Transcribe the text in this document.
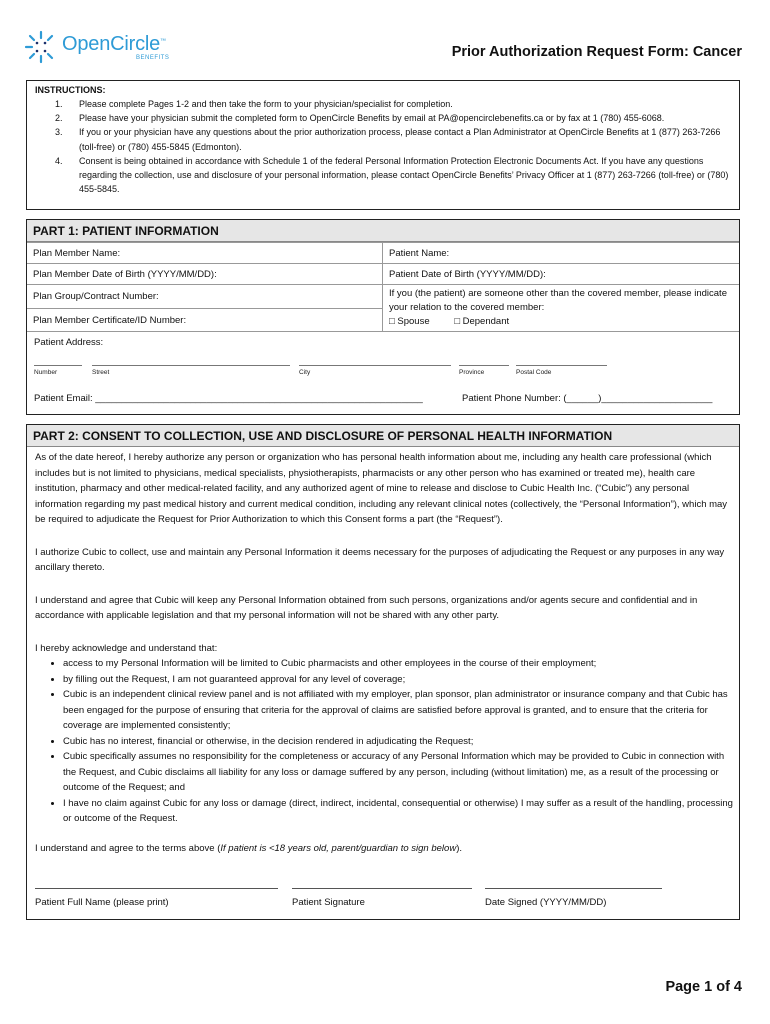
OpenCircle™
BENEFITS	Prior Authorization Request Form: Cancer
INSTRUCTIONS:
1. Please complete Pages 1-2 and then take the form to your physician/specialist for completion.
2. Please have your physician submit the completed form to OpenCircle Benefits by email at PA@opencirclebenefits.ca or by fax at 1 (780) 455-6068.
3. If you or your physician have any questions about the prior authorization process, please contact a Plan Administrator at OpenCircle Benefits at 1 (877) 263-7266 (toll-free) or (780) 455-5845 (Edmonton).
4. Consent is being obtained in accordance with Schedule 1 of the federal Personal Information Protection Electronic Documents Act. If you have any questions regarding the collection, use and disclosure of your personal information, please contact OpenCircle Benefits’ Privacy Officer at 1 (877) 263-7266 (toll-free) or (780) 455-5845.
PART 1: PATIENT INFORMATION
Plan Member Name:	Patient Name:
Plan Member Date of Birth (YYYY/MM/DD):	Patient Date of Birth (YYYY/MM/DD):
Plan Group/Contract Number:
Plan Member Certificate/ID Number:
If you (the patient) are someone other than the covered member, please indicate your relation to the covered member:
□ Spouse	□ Dependant
Patient Address:
Number	Street	City	Province	Postal Code
Patient Email: ______________________________________________________________	Patient Phone Number: (______)_____________________
PART 2: CONSENT TO COLLECTION, USE AND DISCLOSURE OF PERSONAL HEALTH INFORMATION

As of the date hereof, I hereby authorize any person or organization who has personal health information about me, including any health care professional (which includes but is not limited to physicians, medical specialists, physiotherapists, pharmacists or any other person who has examined or treated me), health care institution, pharmacy and other medical-related facility, and any authorized agent of mine to release and disclose to Cubic Health Inc. (“Cubic”) any personal information regarding my past medical history and current medical condition, including any relevant clinical notes (collectively, the “Personal Information”), which may be required to adjudicate the Request for Prior Authorization to which this Consent forms a part (the “Request”).

I authorize Cubic to collect, use and maintain any Personal Information it deems necessary for the purposes of adjudicating the Request or any purposes in any way ancillary thereto.

I understand and agree that Cubic will keep any Personal Information obtained from such persons, organizations and/or agents secure and confidential and in accordance with applicable legislation and that my personal information will not be shared with any other party.

I hereby acknowledge and understand that:

• access to my Personal Information will be limited to Cubic pharmacists and other employees in the course of their employment;
• by filling out the Request, I am not guaranteed approval for any level of coverage;
• Cubic is an independent clinical review panel and is not affiliated with my employer, plan sponsor, plan administrator or insurance company and that Cubic has been engaged for the purpose of ensuring that criteria for the approval of claims are satisfied before approval is granted, and to ensure that the criteria for coverage are implemented consistently;
• Cubic has no interest, financial or otherwise, in the decision rendered in adjudicating the Request;
• Cubic specifically assumes no responsibility for the completeness or accuracy of any Personal Information which may be provided to Cubic in connection with the Request, and Cubic disclaims all liability for any loss or damage suffered by any person, including (without limitation) me, as a result of the processing or outcome of the Request; and
• I have no claim against Cubic for any loss or damage (direct, indirect, incidental, consequential or otherwise) I may suffer as a result of the handling, processing or outcome of the Request.

I understand and agree to the terms above (If patient is <18 years old, parent/guardian to sign below).

Patient Full Name (please print)	Patient Signature	Date Signed (YYYY/MM/DD)
Page 1 of 4
